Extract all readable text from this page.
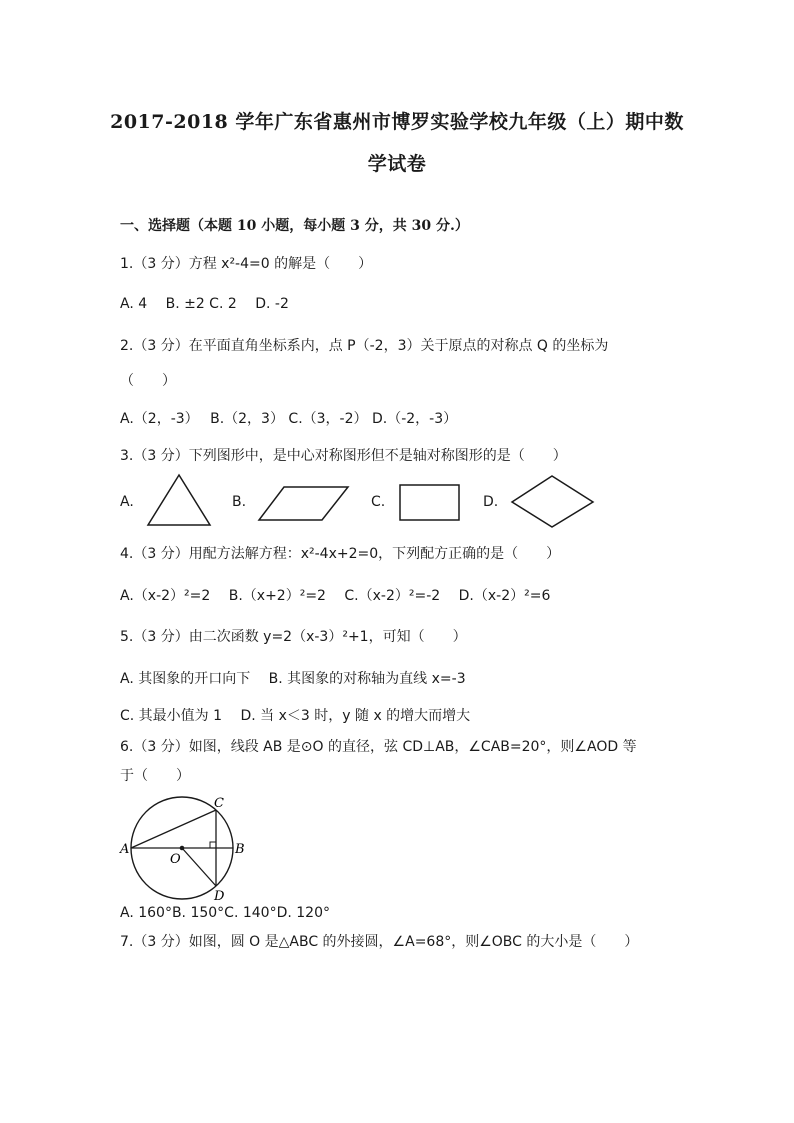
2017-2018 学年广东省惠州市博罗实验学校九年级（上）期中数
学试卷
一、选择题（本题 10 小题，每小题 3 分，共 30 分.）
1.（3 分）方程 x²-4=0 的解是（　　）
A. 4　 B. ±2 C. 2　 D. -2
2.（3 分）在平面直角坐标系内，点 P（-2，3）关于原点的对称点 Q 的坐标为
（　　）
A.（2，-3）　 B.（2，3） C.（3，-2） D.（-2，-3）
3.（3 分）下列图形中，是中心对称图形但不是轴对称图形的是（　　）
A.	B.	C.	D.
4.（3 分）用配方法解方程：x²-4x+2=0，下列配方正确的是（　　）
A.（x-2）²=2　 B.（x+2）²=2　 C.（x-2）²=-2　 D.（x-2）²=6
5.（3 分）由二次函数 y=2（x-3）²+1，可知（　　）
A. 其图象的开口向下　 B. 其图象的对称轴为直线 x=-3
C. 其最小值为 1　 D. 当 x＜3 时，y 随 x 的增大而增大
6.（3 分）如图，线段 AB 是⊙O 的直径，弦 CD⊥AB，∠CAB=20°，则∠AOD 等
于（　　）
A	B
C
D
O
A. 160°B. 150°C. 140°D. 120°
7.（3 分）如图，圆 O 是△ABC 的外接圆，∠A=68°，则∠OBC 的大小是（　　）
